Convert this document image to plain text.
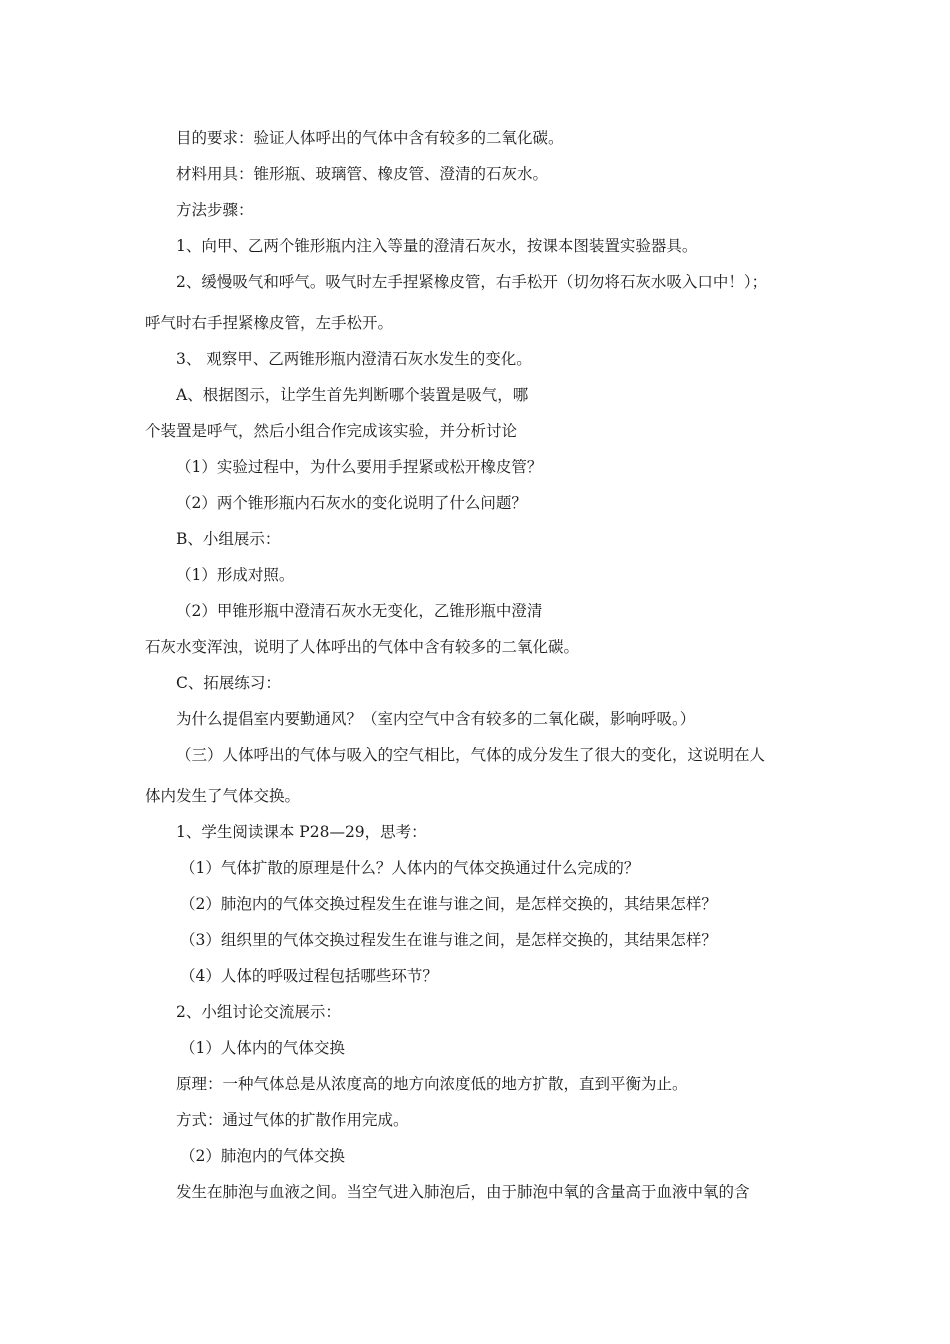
目的要求：验证人体呼出的气体中含有较多的二氧化碳。
材料用具：锥形瓶、玻璃管、橡皮管、澄清的石灰水。
方法步骤：
1、向甲、乙两个锥形瓶内注入等量的澄清石灰水，按课本图装置实验器具。
2、缓慢吸气和呼气。吸气时左手捏紧橡皮管，右手松开（切勿将石灰水吸入口中！）；
呼气时右手捏紧橡皮管，左手松开。
3、 观察甲、乙两锥形瓶内澄清石灰水发生的变化。
A、根据图示，让学生首先判断哪个装置是吸气，哪
个装置是呼气，然后小组合作完成该实验，并分析讨论
（1）实验过程中，为什么要用手捏紧或松开橡皮管？
（2）两个锥形瓶内石灰水的变化说明了什么问题？
B、小组展示：
（1）形成对照。
（2）甲锥形瓶中澄清石灰水无变化，乙锥形瓶中澄清
石灰水变浑浊，说明了人体呼出的气体中含有较多的二氧化碳。
C、拓展练习：
为什么提倡室内要勤通风？（室内空气中含有较多的二氧化碳，影响呼吸。）
（三）人体呼出的气体与吸入的空气相比，气体的成分发生了很大的变化，这说明在人
体内发生了气体交换。
1、学生阅读课本 P28—29，思考：
（1）气体扩散的原理是什么？人体内的气体交换通过什么完成的？
（2）肺泡内的气体交换过程发生在谁与谁之间，是怎样交换的，其结果怎样？
（3）组织里的气体交换过程发生在谁与谁之间，是怎样交换的，其结果怎样？
（4）人体的呼吸过程包括哪些环节？
2、小组讨论交流展示：
（1）人体内的气体交换
原理：一种气体总是从浓度高的地方向浓度低的地方扩散，直到平衡为止。
方式：通过气体的扩散作用完成。
（2）肺泡内的气体交换
发生在肺泡与血液之间。当空气进入肺泡后，由于肺泡中氧的含量高于血液中氧的含
